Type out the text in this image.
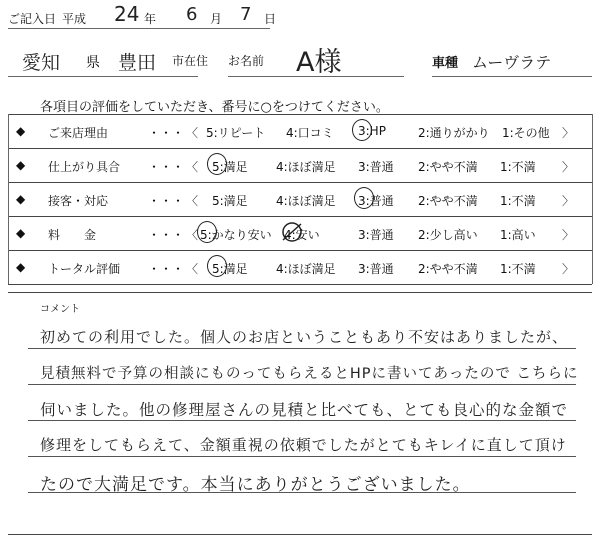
ご記入日 平成 24 年 6 月 7 日
愛知 県 豊田 市在住 お名前 A様	車種 ムーヴラテ
各項目の評価をしていただき、番号に○をつけてください。
◆ ご来店理由	・・・ 〈 5:リピート 4:口コミ 3:HP	2:通りがかり 1:その他 〉
◆ 仕上がり具合 ・・・ 〈 5:満足 4:ほぼ満足 3:普通 2:やや不満 1:不満 〉
◆ 接客・対応	・・・ 〈 5:満足 4:ほぼ満足 3:普通 2:やや不満 1:不満 〉
◆ 料　　金	・・・ 〈 5:かなり安い 4:安い	3:普通 2:少し高い 1:高い 〉
◆ トータル評価 ・・・ 〈 5:満足 4:ほぼ満足 3:普通 2:やや不満 1:不満 〉
コメント
初めての利用でした。個人のお店ということもあり不安はありましたが、
見積無料で予算の相談にものってもらえるとHPに書いてあったので こちらに
伺いました。他の修理屋さんの見積と比べても、とても良心的な金額で
修理をしてもらえて、金額重視の依頼でしたがとてもキレイに直して頂け
たので大満足です。本当にありがとうございました。
